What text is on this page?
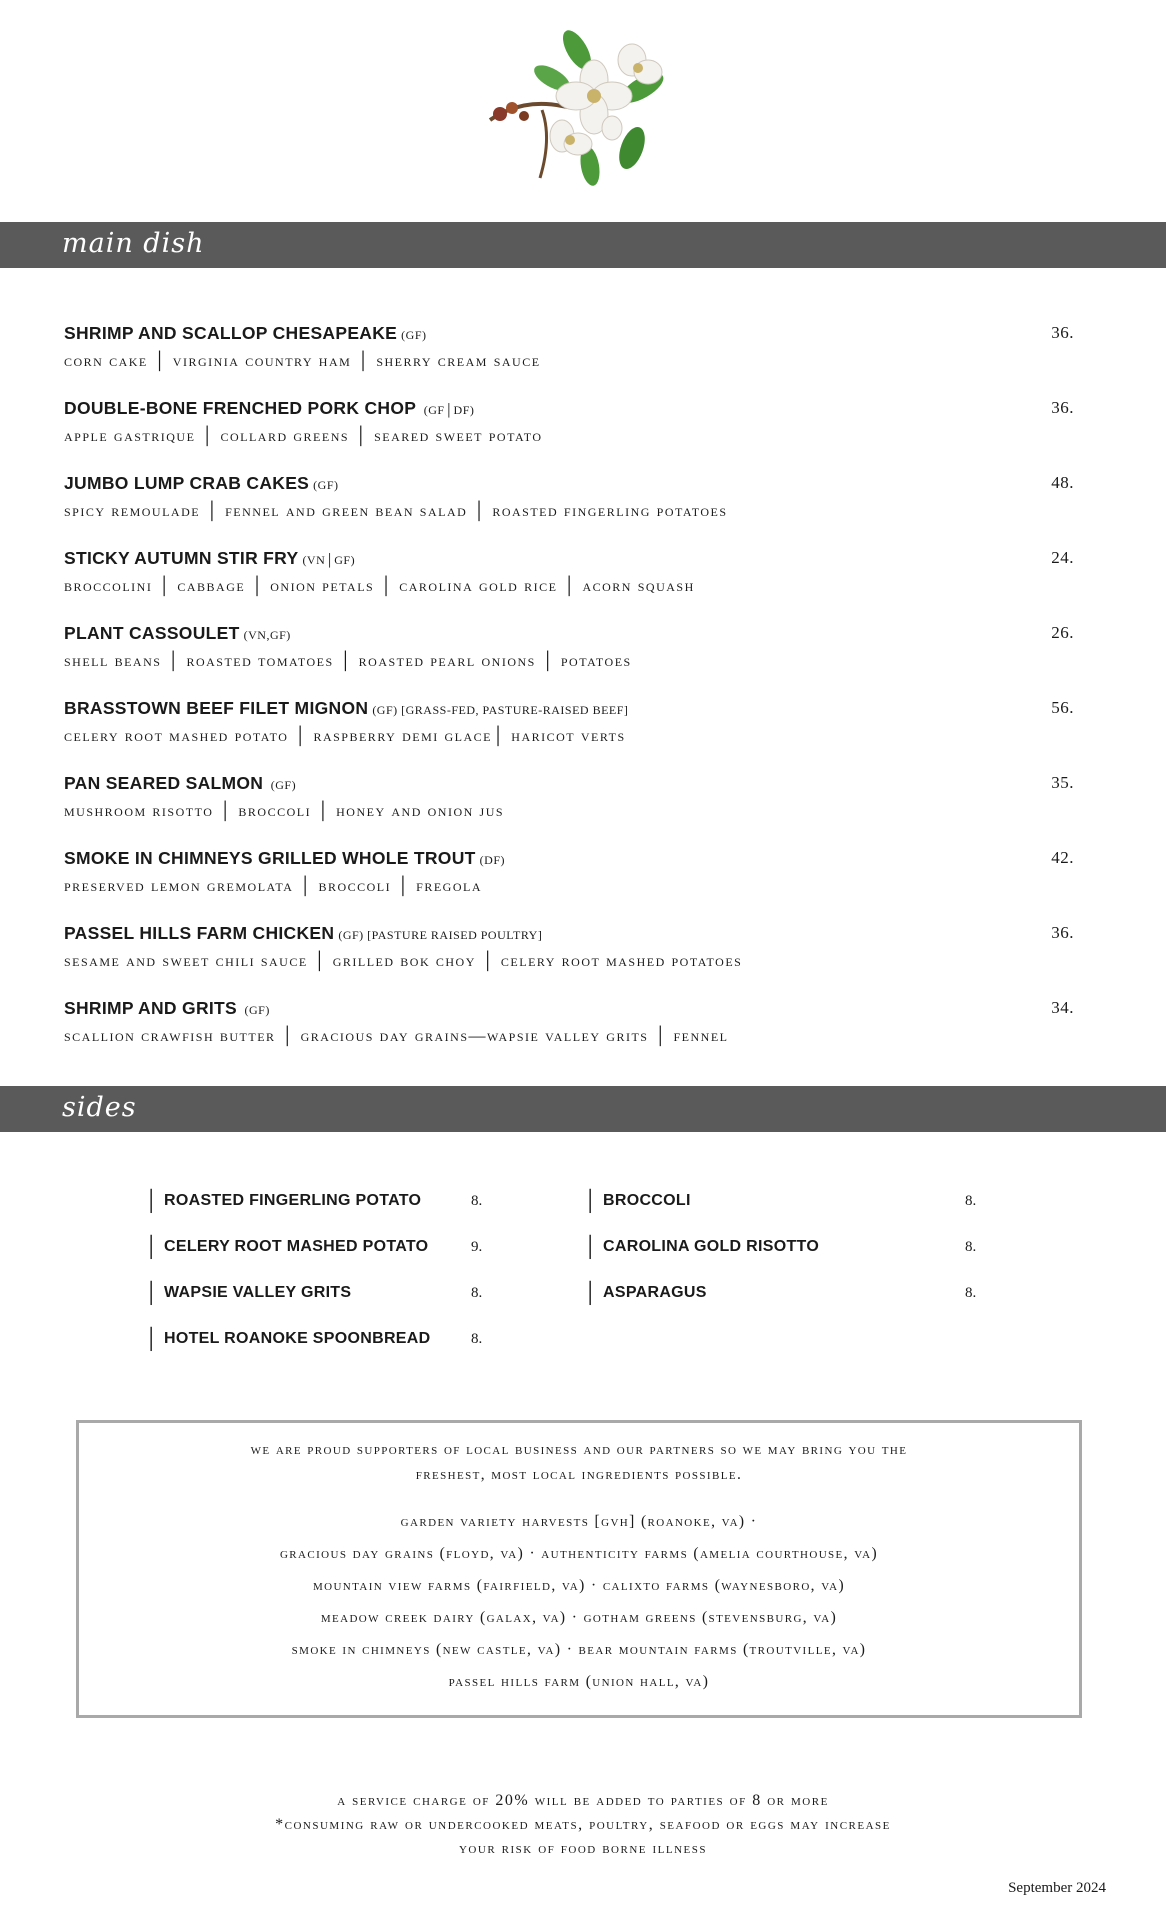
main dish
SHRIMP AND SCALLOP CHESAPEAKE (GF)
corn cake │ virginia country ham │ sherry cream sauce
36.
DOUBLE-BONE FRENCHED PORK CHOP (GF│DF)
apple gastrique │ collard greens │ seared sweet potato
36.
JUMBO LUMP CRAB CAKES (GF)
spicy remoulade │ fennel and green bean salad │ roasted fingerling potatoes
48.
STICKY AUTUMN STIR FRY (VN│GF)
broccolini │ cabbage │ onion petals │ carolina gold rice │ acorn squash
24.
PLANT CASSOULET (VN,GF)
shell beans │ roasted tomatoes │ roasted pearl onions │ potatoes
26.
BRASSTOWN BEEF FILET MIGNON (GF) [GRASS-FED, PASTURE-RAISED BEEF]
celery root mashed potato │ raspberry demi glace│ haricot verts
56.
PAN SEARED SALMON (GF)
mushroom risotto │ broccoli │ honey and onion jus
35.
SMOKE IN CHIMNEYS GRILLED WHOLE TROUT (DF)
preserved lemon gremolata │ broccoli │ fregola
42.
PASSEL HILLS FARM CHICKEN (GF) [PASTURE RAISED POULTRY]
sesame and sweet chili sauce │ grilled bok choy │ celery root mashed potatoes
36.
SHRIMP AND GRITS (GF)
scallion crawfish butter │ gracious day grains—wapsie valley grits │ fennel
34.
sides
│ ROASTED FINGERLING POTATO	8.
│ CELERY ROOT MASHED POTATO	9.
│ WAPSIE VALLEY GRITS	8.
│ HOTEL ROANOKE SPOONBREAD	8.
│ BROCCOLI	8.
│ CAROLINA GOLD RISOTTO	8.
│ ASPARAGUS	8.
we are proud supporters of local business and our partners so we may bring you the
freshest, most local ingredients possible.
garden variety harvests [gvh] (roanoke, va) ·
gracious day grains (floyd, va) · authenticity farms (amelia courthouse, va)
mountain view farms (fairfield, va) · calixto farms (waynesboro, va)
meadow creek dairy (galax, va) · gotham greens (stevensburg, va)
smoke in chimneys (new castle, va) · bear mountain farms (troutville, va)
passel hills farm (union hall, va)
a service charge of 20% will be added to parties of 8 or more
*consuming raw or undercooked meats, poultry, seafood or eggs may increase
your risk of food borne illness
September 2024
